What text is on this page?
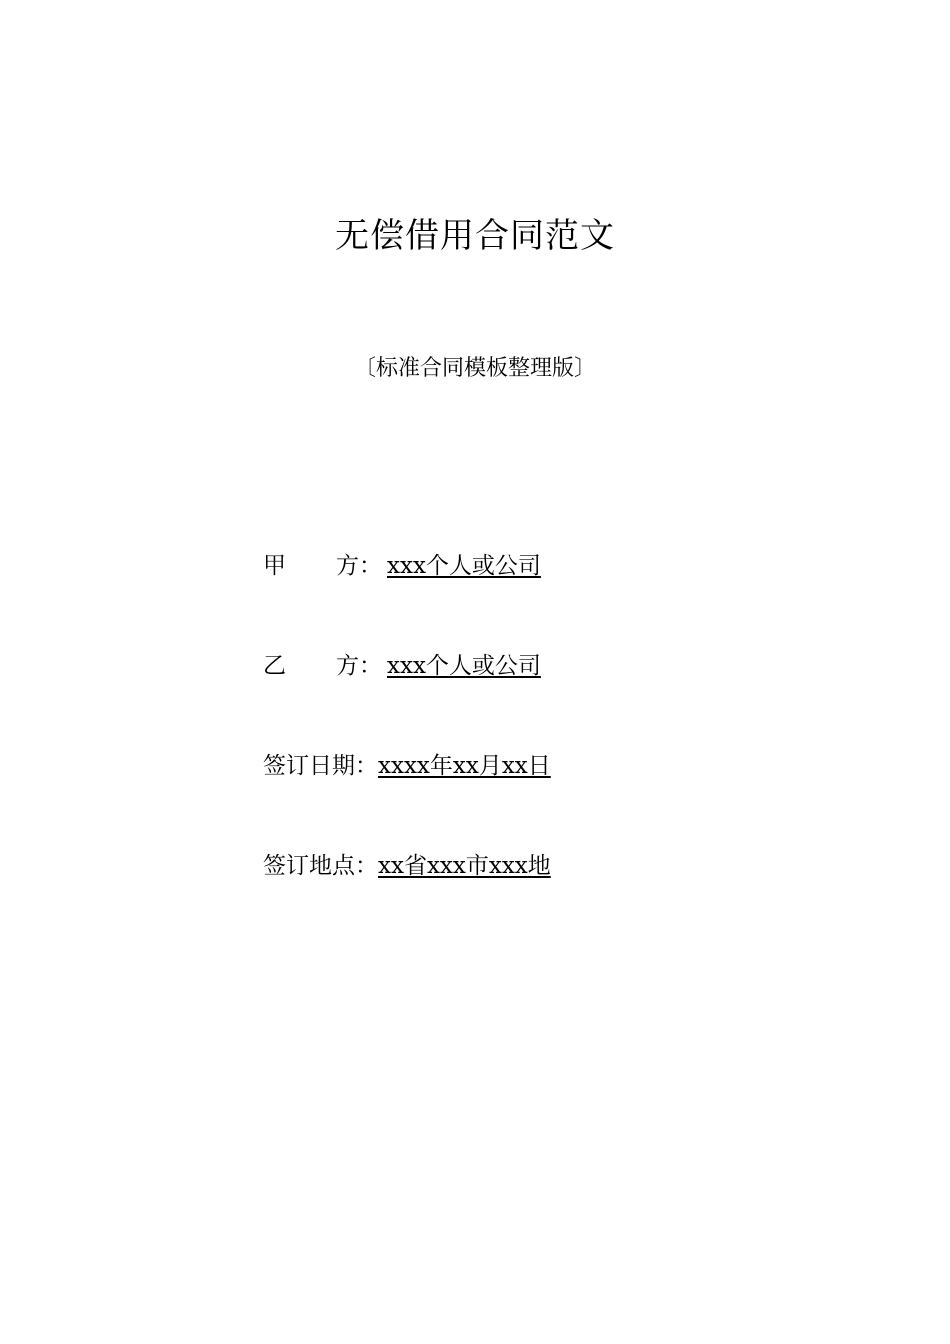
无偿借用合同范文
〔标准合同模板整理版〕
甲 方： xxx个人或公司
乙 方： xxx个人或公司
签订日期：xxxx年xx月xx日
签订地点：xx省xxx市xxx地
